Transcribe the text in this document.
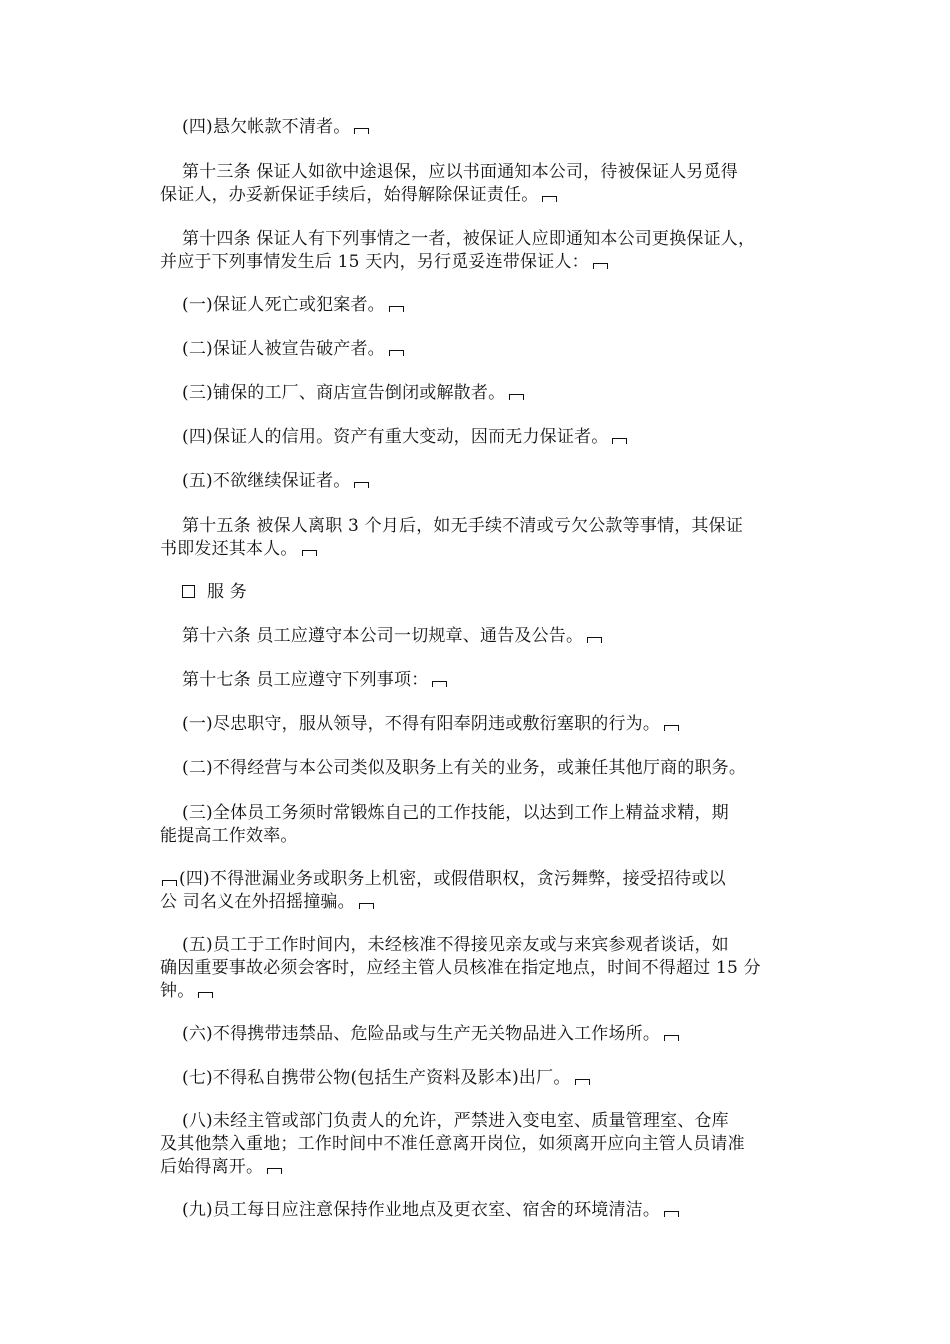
(四)悬欠帐款不清者。

第十三条 保证人如欲中途退保，应以书面通知本公司，待被保证人另觅得
保证人，办妥新保证手续后，始得解除保证责任。

第十四条 保证人有下列事情之一者，被保证人应即通知本公司更换保证人，
并应于下列事情发生后 15 天内，另行觅妥连带保证人：

(一)保证人死亡或犯案者。

(二)保证人被宣告破产者。

(三)铺保的工厂、商店宣告倒闭或解散者。

(四)保证人的信用。资产有重大变动，因而无力保证者。

(五)不欲继续保证者。

第十五条 被保人离职 3 个月后，如无手续不清或亏欠公款等事情，其保证
书即发还其本人。

服 务

第十六条 员工应遵守本公司一切规章、通告及公告。

第十七条 员工应遵守下列事项：

(一)尽忠职守，服从领导，不得有阳奉阴违或敷衍塞职的行为。

(二)不得经营与本公司类似及职务上有关的业务，或兼任其他厅商的职务。

(三)全体员工务须时常锻炼自己的工作技能，以达到工作上精益求精，期
能提高工作效率。

(四)不得泄漏业务或职务上机密，或假借职权，贪污舞弊，接受招待或以
公 司名义在外招摇撞骗。

(五)员工于工作时间内，未经核准不得接见亲友或与来宾参观者谈话，如
确因重要事故必须会客时，应经主管人员核准在指定地点，时间不得超过 15 分
钟。

(六)不得携带违禁品、危险品或与生产无关物品进入工作场所。

(七)不得私自携带公物(包括生产资料及影本)出厂。

(八)未经主管或部门负责人的允许，严禁进入变电室、质量管理室、仓库
及其他禁入重地；工作时间中不准任意离开岗位，如须离开应向主管人员请准
后始得离开。

(九)员工每日应注意保持作业地点及更衣室、宿舍的环境清洁。
